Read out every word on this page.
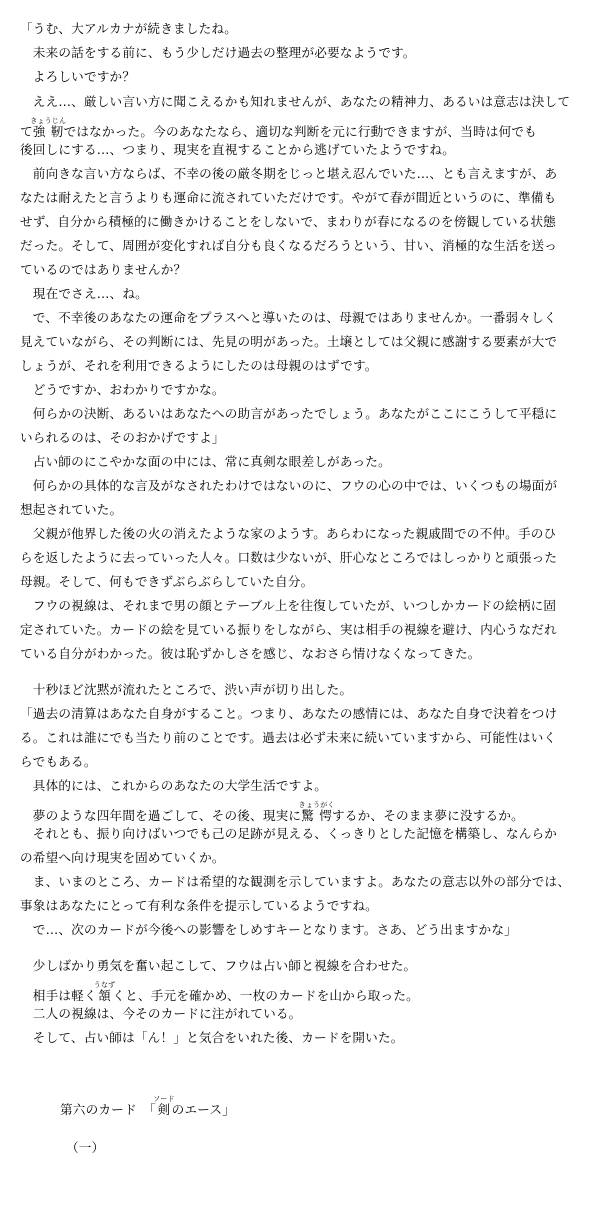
「うむ、大アルカナが続きましたね。
　未来の話をする前に、もう少しだけ過去の整理が必要なようです。
　よろしいですか？
　ええ…、厳しい言い方に聞こえるかも知れませんが、あなたの精神力、あるいは意志は決して
て強靭きょうじんではなかった。今のあなたなら、適切な判断を元に行動できますが、当時は何でも
後回しにする…、つまり、現実を直視することから逃げていたようですね。
　前向きな言い方ならば、不幸の後の厳冬期をじっと堪え忍んでいた…、とも言えますが、あ
なたは耐えたと言うよりも運命に流されていただけです。やがて春が間近というのに、準備も
せず、自分から積極的に働きかけることをしないで、まわりが春になるのを傍観している状態
だった。そして、周囲が変化すれば自分も良くなるだろうという、甘い、消極的な生活を送っ
ているのではありませんか？
　現在でさえ…、ね。
　で、不幸後のあなたの運命をプラスへと導いたのは、母親ではありませんか。一番弱々しく
見えていながら、その判断には、先見の明があった。土壌としては父親に感謝する要素が大で
しょうが、それを利用できるようにしたのは母親のはずです。
　どうですか、おわかりですかな。
　何らかの決断、あるいはあなたへの助言があったでしょう。あなたがここにこうして平穏に
いられるのは、そのおかげですよ」
　占い師のにこやかな面の中には、常に真剣な眼差しがあった。
　何らかの具体的な言及がなされたわけではないのに、フウの心の中では、いくつもの場面が
想起されていた。
　父親が他界した後の火の消えたような家のようす。あらわになった親戚間での不仲。手のひ
らを返したように去っていった人々。口数は少ないが、肝心なところではしっかりと頑張った
母親。そして、何もできずぶらぶらしていた自分。
　フウの視線は、それまで男の顔とテーブル上を往復していたが、いつしかカードの絵柄に固
定されていた。カードの絵を見ている振りをしながら、実は相手の視線を避け、内心うなだれ
ている自分がわかった。彼は恥ずかしさを感じ、なおさら情けなくなってきた。
　十秒ほど沈黙が流れたところで、渋い声が切り出した。
「過去の清算はあなた自身がすること。つまり、あなたの感情には、あなた自身で決着をつけ
る。これは誰にでも当たり前のことです。過去は必ず未来に続いていますから、可能性はいく
らでもある。
　具体的には、これからのあなたの大学生活ですよ。
　夢のような四年間を過ごして、その後、現実に驚愕きょうがくするか、そのまま夢に没するか。
　それとも、振り向けばいつでも己の足跡が見える、くっきりとした記憶を構築し、なんらか
の希望へ向け現実を固めていくか。
　ま、いまのところ、カードは希望的な観測を示していますよ。あなたの意志以外の部分では、
事象はあなたにとって有利な条件を提示しているようですね。
　で…、次のカードが今後への影響をしめすキーとなります。さあ、どう出ますかな」
　少しばかり勇気を奮い起こして、フウは占い師と視線を合わせた。
　相手は軽く頷うなずくと、手元を確かめ、一枚のカードを山から取った。
　二人の視線は、今そのカードに注がれている。
　そして、占い師は「ん！」と気合をいれた後、カードを開いた。
第六のカード　「剣ソードのエース」
（一）
